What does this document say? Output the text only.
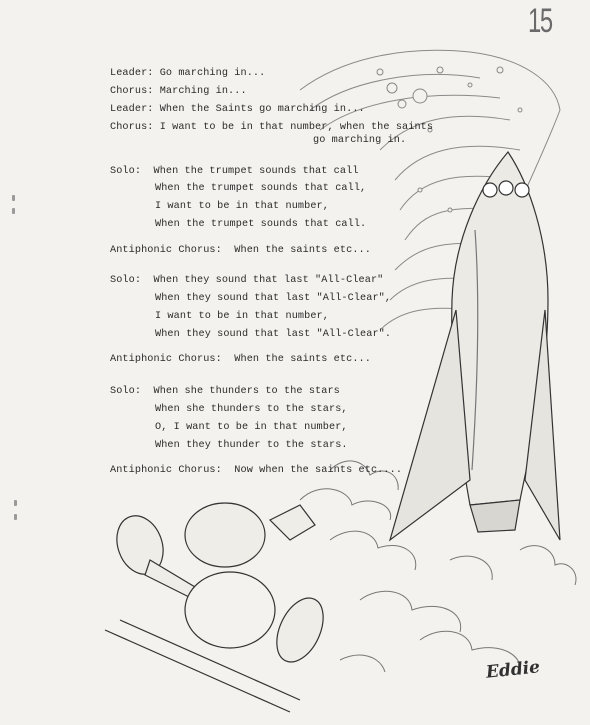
15
Leader: Go marching in...
Chorus: Marching in...
Leader: When the Saints go marching in...
Chorus: I want to be in that number, when the saints
go marching in.
Solo:  When the trumpet sounds that call
When the trumpet sounds that call,
I want to be in that number,
When the trumpet sounds that call.
Antiphonic Chorus:  When the saints etc...
Solo:  When they sound that last "All-Clear"
When they sound that last "All-Clear",
I want to be in that number,
When they sound that last "All-Clear".
Antiphonic Chorus:  When the saints etc...
Solo:  When she thunders to the stars
When she thunders to the stars,
O, I want to be in that number,
When they thunder to the stars.
Antiphonic Chorus:  Now when the saints etc....
Eddie
